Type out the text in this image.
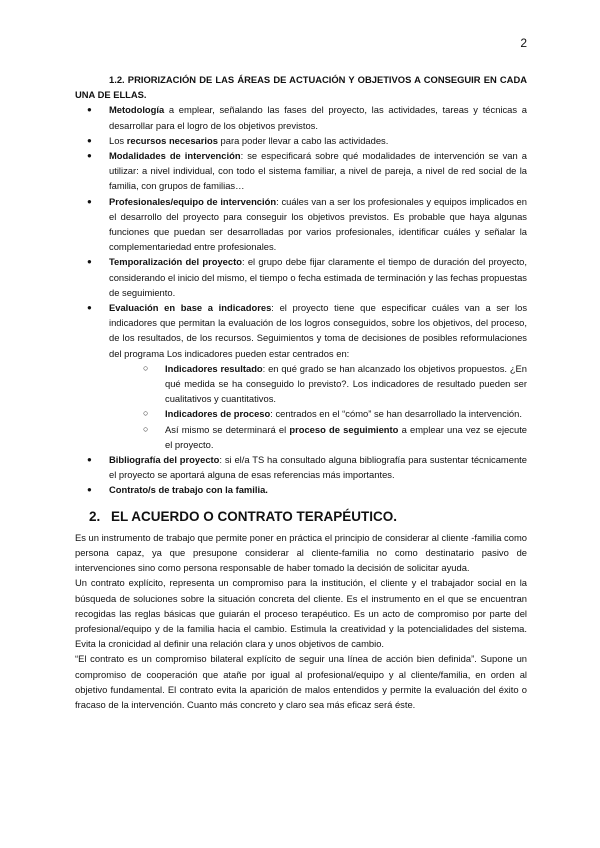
2

1.2. PRIORIZACIÓN DE LAS ÁREAS DE ACTUACIÓN Y OBJETIVOS A CONSEGUIR EN CADA UNA DE ELLAS.

● Metodología a emplear, señalando las fases del proyecto, las actividades, tareas y técnicas a desarrollar para el logro de los objetivos previstos.
● Los recursos necesarios para poder llevar a cabo las actividades.
● Modalidades de intervención: se especificará sobre qué modalidades de intervención se van a utilizar: a nivel individual, con todo el sistema familiar, a nivel de pareja, a nivel de red social de la familia, con grupos de familias…
● Profesionales/equipo de intervención: cuáles van a ser los profesionales y equipos implicados en el desarrollo del proyecto para conseguir los objetivos previstos. Es probable que haya algunas funciones que puedan ser desarrolladas por varios profesionales, identificar cuáles y señalar la complementariedad entre profesionales.
● Temporalización del proyecto: el grupo debe fijar claramente el tiempo de duración del proyecto, considerando el inicio del mismo, el tiempo o fecha estimada de terminación y las fechas propuestas de seguimiento.
● Evaluación en base a indicadores: el proyecto tiene que especificar cuáles van a ser los indicadores que permitan la evaluación de los logros conseguidos, sobre los objetivos, del proceso, de los resultados, de los recursos. Seguimientos y toma de decisiones de posibles reformulaciones del programa Los indicadores pueden estar centrados en:
○ Indicadores resultado: en qué grado se han alcanzado los objetivos propuestos. ¿En qué medida se ha conseguido lo previsto?. Los indicadores de resultado pueden ser cualitativos y cuantitativos.
○ Indicadores de proceso: centrados en el “cómo” se han desarrollado la intervención.
○ Así mismo se determinará el proceso de seguimiento a emplear una vez se ejecute el proyecto.
● Bibliografía del proyecto: si el/a TS ha consultado alguna bibliografía para sustentar técnicamente el proyecto se aportará alguna de esas referencias más importantes.
● Contrato/s de trabajo con la familia.
2. EL ACUERDO O CONTRATO TERAPÉUTICO.

Es un instrumento de trabajo que permite poner en práctica el principio de considerar al cliente -familia como persona capaz, ya que presupone considerar al cliente-familia no como destinatario pasivo de intervenciones sino como persona responsable de haber tomado la decisión de solicitar ayuda.

Un contrato explícito, representa un compromiso para la institución, el cliente y el trabajador social en la búsqueda de soluciones sobre la situación concreta del cliente. Es el instrumento en el que se encuentran recogidas las reglas básicas que guiarán el proceso terapéutico. Es un acto de compromiso por parte del profesional/equipo y de la familia hacia el cambio. Estimula la creatividad y la potencialidades del sistema. Evita la cronicidad al definir una relación clara y unos objetivos de cambio.

“El contrato es un compromiso bilateral explícito de seguir una línea de acción bien definida”. Supone un compromiso de cooperación que atañe por igual al profesional/equipo y al cliente/familia, en orden al objetivo fundamental. El contrato evita la aparición de malos entendidos y permite la evaluación del éxito o fracaso de la intervención. Cuanto más concreto y claro sea más eficaz será éste.
